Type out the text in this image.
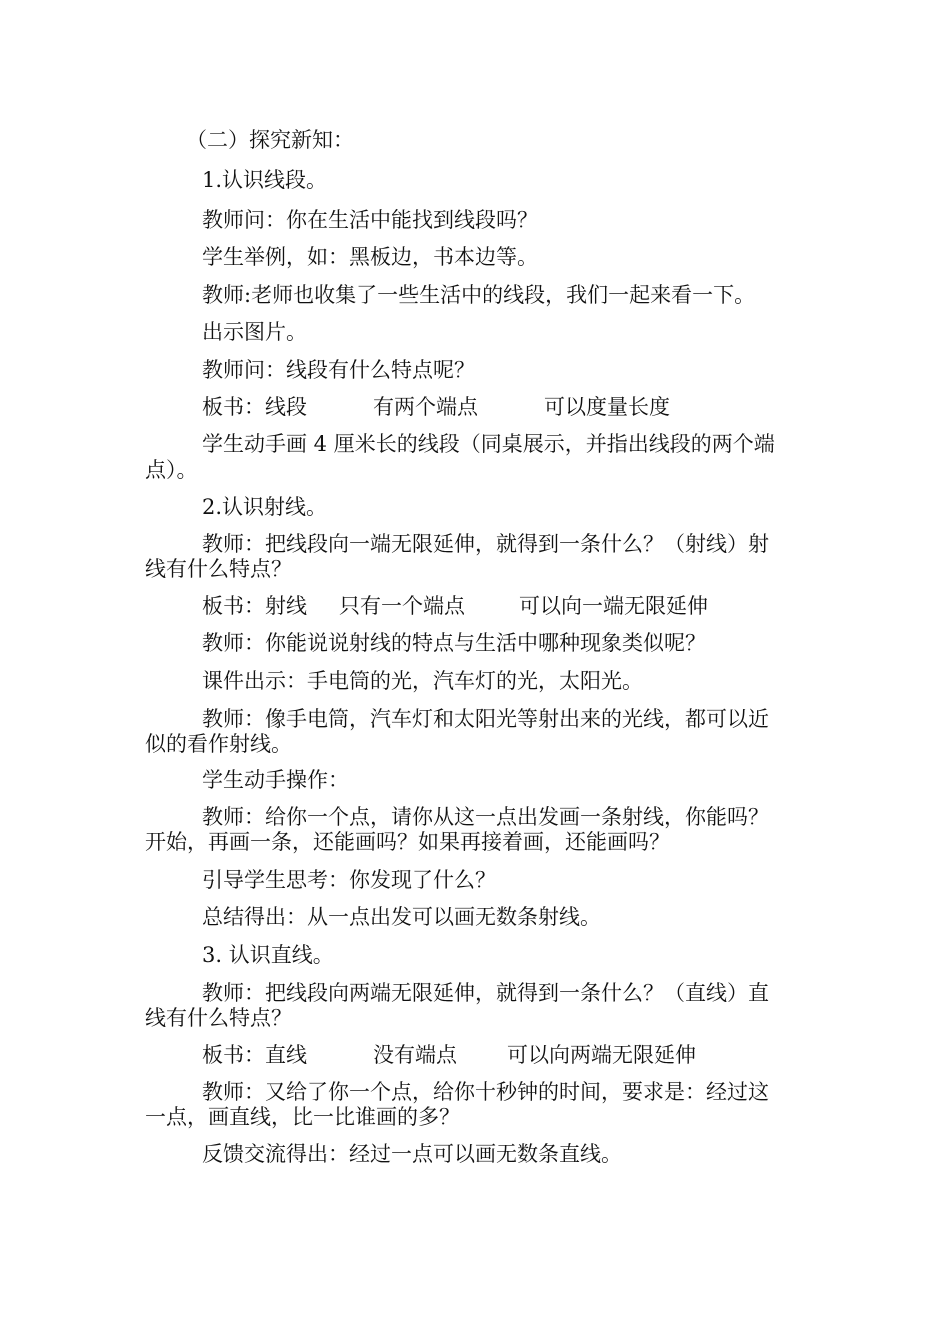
（二）探究新知：
1.认识线段。
教师问：你在生活中能找到线段吗？
学生举例，如：黑板边，书本边等。
教师:老师也收集了一些生活中的线段，我们一起来看一下。
出示图片。
教师问：线段有什么特点呢？
板书：线段	有两个端点	可以度量长度
学生动手画 4 厘米长的线段（同桌展示，并指出线段的两个端
点）。
2.认识射线。
教师：把线段向一端无限延伸，就得到一条什么？（射线）射
线有什么特点？
板书：射线 只有一个端点	可以向一端无限延伸
教师：你能说说射线的特点与生活中哪种现象类似呢？
课件出示：手电筒的光，汽车灯的光，太阳光。
教师：像手电筒，汽车灯和太阳光等射出来的光线，都可以近
似的看作射线。
学生动手操作：
教师：给你一个点，请你从这一点出发画一条射线，你能吗？
开始，再画一条，还能画吗？如果再接着画，还能画吗？
引导学生思考：你发现了什么？
总结得出：从一点出发可以画无数条射线。
3. 认识直线。
教师：把线段向两端无限延伸，就得到一条什么？（直线）直
线有什么特点？
板书：直线	没有端点 可以向两端无限延伸
教师：又给了你一个点，给你十秒钟的时间，要求是：经过这
一点，画直线，比一比谁画的多？
反馈交流得出：经过一点可以画无数条直线。
